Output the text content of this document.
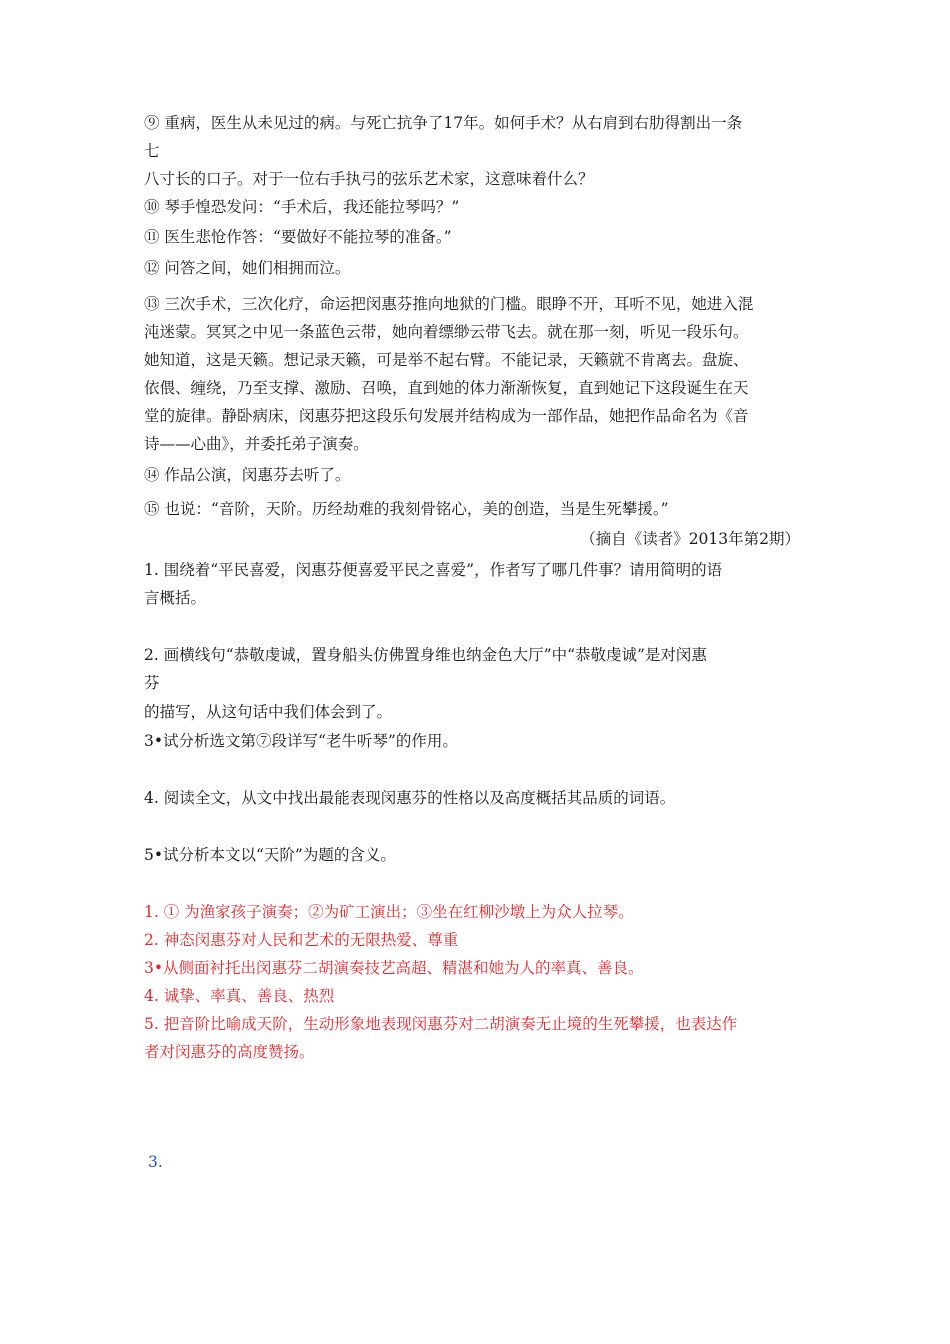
⑨ 重病，医生从未见过的病。与死亡抗争了17年。如何手术？从右肩到右肋得割出一条
七
八寸长的口子。对于一位右手执弓的弦乐艺术家，这意味着什么？
⑩ 琴手惶恐发问：“手术后，我还能拉琴吗？”
⑪ 医生悲怆作答：“要做好不能拉琴的准备。”
⑫ 问答之间，她们相拥而泣。
⑬ 三次手术，三次化疗，命运把闵惠芬推向地狱的门槛。眼睁不开，耳听不见，她进入混
沌迷蒙。冥冥之中见一条蓝色云带，她向着缥缈云带飞去。就在那一刻，听见一段乐句。
她知道，这是天籁。想记录天籁，可是举不起右臂。不能记录，天籁就不肯离去。盘旋、
依偎、缠绕，乃至支撑、激励、召唤，直到她的体力渐渐恢复，直到她记下这段诞生在天
堂的旋律。静卧病床，闵惠芬把这段乐句发展并结构成为一部作品，她把作品命名为《音
诗——心曲》，并委托弟子演奏。
⑭ 作品公演，闵惠芬去听了。
⑮ 也说：“音阶，天阶。历经劫难的我刻骨铭心，美的创造，当是生死攀援。”
（摘自《读者》2013年第2期）
1. 围绕着“平民喜爱，闵惠芬便喜爱平民之喜爱”，作者写了哪几件事？请用简明的语
言概括。
2. 画横线句“恭敬虔诚，置身船头仿佛置身维也纳金色大厅”中“恭敬虔诚”是对闵惠
芬
的描写，从这句话中我们体会到了。
3•试分析选文第⑦段详写“老牛听琴”的作用。
4. 阅读全文，从文中找出最能表现闵惠芬的性格以及高度概括其品质的词语。
5•试分析本文以“天阶”为题的含义。
1. ① 为渔家孩子演奏；②为矿工演出；③坐在红柳沙墩上为众人拉琴。
2. 神态闵惠芬对人民和艺术的无限热爱、尊重
3•从侧面衬托出闵惠芬二胡演奏技艺高超、精湛和她为人的率真、善良。
4. 诚挚、率真、善良、热烈
5. 把音阶比喻成天阶，生动形象地表现闵惠芬对二胡演奏无止境的生死攀援，也表达作
者对闵惠芬的高度赞扬。
3.
